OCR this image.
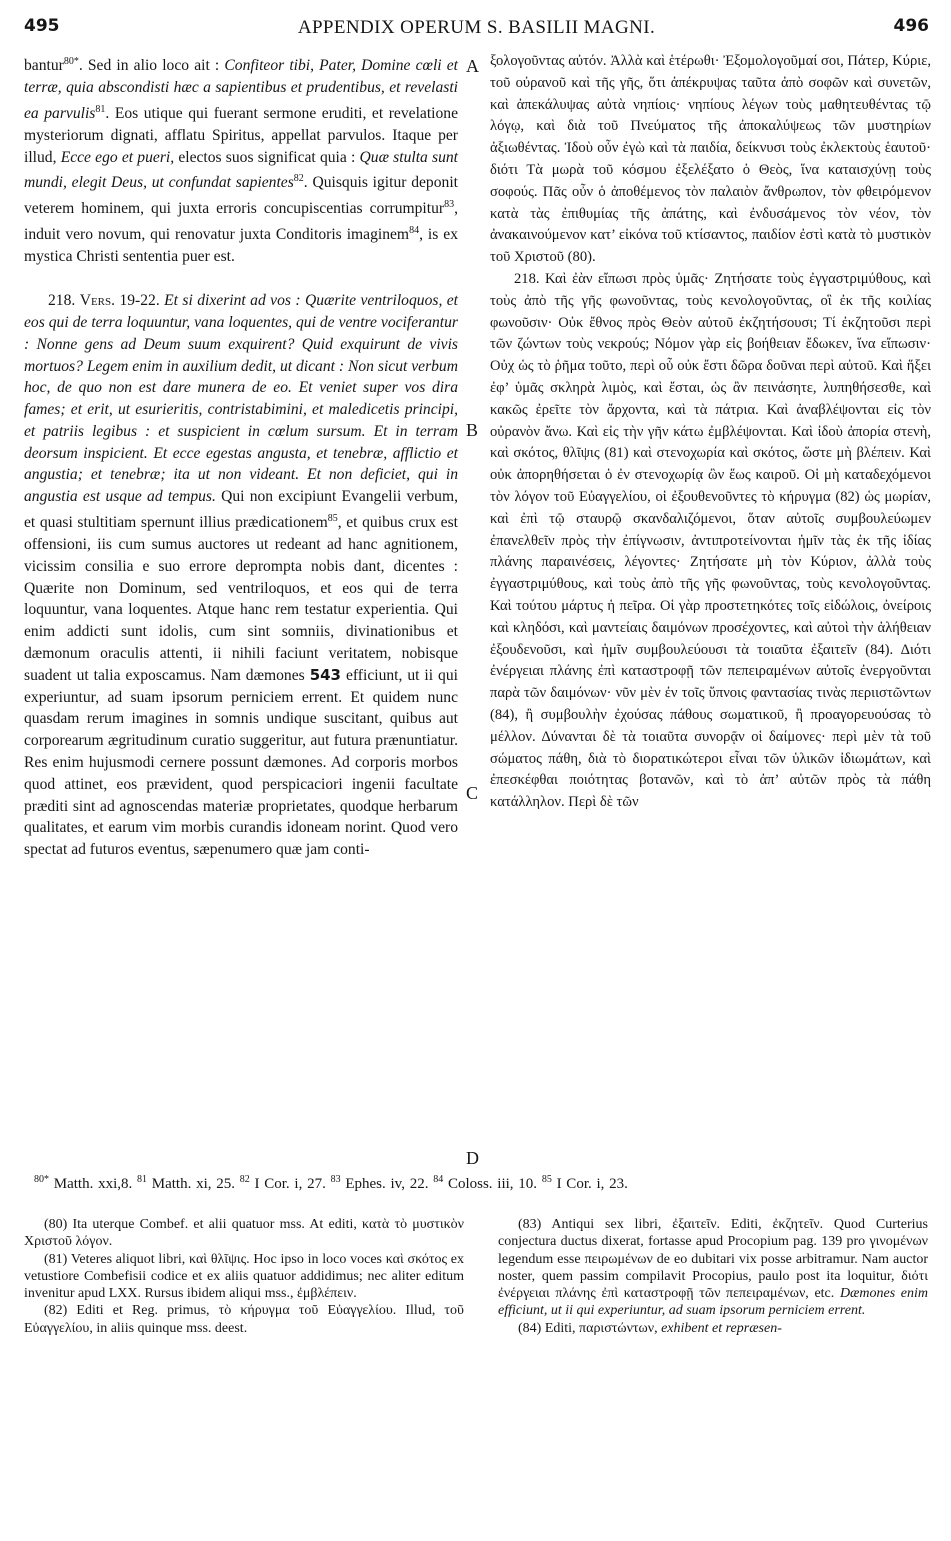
495	APPENDIX OPERUM S. BASILII MAGNI.	496

bantur$^{80*}$. Sed in alio loco ait : Confiteor tibi, Pater, Domine cœli et terræ, quia abscondisti hæc a sapientibus et prudentibus, et revelasti ea parvulis$^{81}$. Eos utique qui fuerant sermone eruditi, et revelatione mysteriorum dignati, afflatu Spiritus, appellat parvulos. Itaque per illud, Ecce ego et pueri, electos suos significat quia : Quæ stulta sunt mundi, elegit Deus, ut confundat sapientes$^{82}$. Quisquis igitur deponit veterem hominem, qui juxta erroris concupiscentias corrumpitur$^{83}$, induit vero novum, qui renovatur juxta Conditoris imaginem$^{84}$, is ex mystica Christi sententia puer est.

218. Vers. 19-22. Et si dixerint ad vos : Quærite ventriloquos, et eos qui de terra loquuntur, vana loquentes, qui de ventre vociferantur : Nonne gens ad Deum suum exquirent? Quid exquirunt de vivis mortuos? Legem enim in auxilium dedit, ut dicant : Non sicut verbum hoc, de quo non est dare munera de eo. Et veniet super vos dira fames; et erit, ut esurieritis, contristabimini, et maledicetis principi, et patriis legibus : et suspicient in cœlum sursum. Et in terram deorsum inspicient. Et ecce egestas angusta, et tenebræ, afflictio et angustia; et tenebræ; ita ut non videant. Et non deficiet, qui in angustia est usque ad tempus. Qui non excipiunt Evangelii verbum, et quasi stultitiam spernunt illius prædicationem$^{85}$, et quibus crux est offensioni, iis cum sumus auctores ut redeant ad hanc agnitionem, vicissim consilia e suo errore deprompta nobis dant, dicentes : Quærite non Dominum, sed ventriloquos, et eos qui de terra loquuntur, vana loquentes. Atque hanc rem testatur experientia. Qui enim addicti sunt idolis, cum sint somniis, divinationibus et dæmonum oraculis attenti, ii nihili faciunt veritatem, nobisque suadent ut talia exposcamus. Nam dæmones 543 efficiunt, ut ii qui experiuntur, ad suam ipsorum perniciem errent. Et quidem nunc quasdam rerum imagines in somnis undique suscitant, quibus aut corporearum ægritudinum curatio suggeritur, aut futura prænuntiatur. Res enim hujusmodi cernere possunt dæmones. Ad corporis morbos quod attinet, eos prævident, quod perspicaciori ingenii facultate præditi sint ad agnoscendas materiæ proprietates, quodque herbarum qualitates, et earum vim morbis curandis idoneam norint. Quod vero spectat ad futuros eventus, sæpenumero quæ jam conti-

ξολογοῦντας αὐτόν. Ἀλλὰ καὶ ἑτέρωθι· Ἐξομολογοῦμαί σοι, Πάτερ, Κύριε, τοῦ οὐρανοῦ καὶ τῆς γῆς, ὅτι ἀπέκρυψας ταῦτα ἀπὸ σοφῶν καὶ συνετῶν, καὶ ἀπεκάλυψας αὐτὰ νηπίοις· νηπίους λέγων τοὺς μαθητευθέντας τῷ λόγῳ, καὶ διὰ τοῦ Πνεύματος τῆς ἀποκαλύψεως τῶν μυστηρίων ἀξιωθέντας. Ἰδοὺ οὖν ἐγὼ καὶ τὰ παιδία, δείκνυσι τοὺς ἐκλεκτοὺς ἑαυτοῦ· διότι Τὰ μωρὰ τοῦ κόσμου ἐξελέξατο ὁ Θεὸς, ἵνα καταισχύνῃ τοὺς σοφούς. Πᾶς οὖν ὁ ἀποθέμενος τὸν παλαιὸν ἄνθρωπον, τὸν φθειρόμενον κατὰ τὰς ἐπιθυμίας τῆς ἀπάτης, καὶ ἐνδυσάμενος τὸν νέον, τὸν ἀνακαινούμενον κατ’ εἰκόνα τοῦ κτίσαντος, παιδίον ἐστὶ κατὰ τὸ μυστικὸν τοῦ Χριστοῦ (80).

218. Καὶ ἐὰν εἴπωσι πρὸς ὑμᾶς· Ζητήσατε τοὺς ἐγγαστριμύθους, καὶ τοὺς ἀπὸ τῆς γῆς φωνοῦντας, τοὺς κενολογοῦντας, οἳ ἐκ τῆς κοιλίας φωνοῦσιν· Οὐκ ἔθνος πρὸς Θεὸν αὐτοῦ ἐκζητήσουσι; Τί ἐκζητοῦσι περὶ τῶν ζώντων τοὺς νεκρούς; Νόμον γὰρ εἰς βοήθειαν ἔδωκεν, ἵνα εἴπωσιν· Οὐχ ὡς τὸ ῥῆμα τοῦτο, περὶ οὗ οὐκ ἔστι δῶρα δοῦναι περὶ αὐτοῦ. Καὶ ἥξει ἐφ’ ὑμᾶς σκληρὰ λιμὸς, καὶ ἔσται, ὡς ἂν πεινάσητε, λυπηθήσεσθε, καὶ κακῶς ἐρεῖτε τὸν ἄρχοντα, καὶ τὰ πάτρια. Καὶ ἀναβλέψονται εἰς τὸν οὐρανὸν ἄνω. Καὶ εἰς τὴν γῆν κάτω ἐμβλέψονται. Καὶ ἰδοὺ ἀπορία στενὴ, καὶ σκότος, θλῖψις (81) καὶ στενοχωρία καὶ σκότος, ὥστε μὴ βλέπειν. Καὶ οὐκ ἀπορηθήσεται ὁ ἐν στενοχωρίᾳ ὢν ἕως καιροῦ. Οἱ μὴ καταδεχόμενοι τὸν λόγον τοῦ Εὐαγγελίου, οἱ ἐξουθενοῦντες τὸ κήρυγμα (82) ὡς μωρίαν, καὶ ἐπὶ τῷ σταυρῷ σκανδαλιζόμενοι, ὅταν αὐτοῖς συμβουλεύωμεν ἐπανελθεῖν πρὸς τὴν ἐπίγνωσιν, ἀντιπροτείνονται ἡμῖν τὰς ἐκ τῆς ἰδίας πλάνης παραινέσεις, λέγοντες· Ζητήσατε μὴ τὸν Κύριον, ἀλλὰ τοὺς ἐγγαστριμύθους, καὶ τοὺς ἀπὸ τῆς γῆς φωνοῦντας, τοὺς κενολογοῦντας. Καὶ τούτου μάρτυς ἡ πεῖρα. Οἱ γὰρ προστετηκότες τοῖς εἰδώλοις, ὀνείροις καὶ κληδόσι, καὶ μαντείαις δαιμόνων προσέχοντες, καὶ αὐτοὶ τὴν ἀλήθειαν ἐξουδενοῦσι, καὶ ἡμῖν συμβουλεύουσι τὰ τοιαῦτα ἐξαιτεῖν (84). Διότι ἐνέργειαι πλάνης ἐπὶ καταστροφῇ τῶν πεπειραμένων αὐτοῖς ἐνεργοῦνται παρὰ τῶν δαιμόνων· νῦν μὲν ἐν τοῖς ὕπνοις φαντασίας τινὰς περιιστῶντων (84), ἢ συμβουλὴν ἐχούσας πάθους σωματικοῦ, ἢ προαγορευούσας τὸ μέλλον. Δύνανται δὲ τὰ τοιαῦτα συνορᾷν οἱ δαίμονες· περὶ μὲν τὰ τοῦ σώματος πάθη, διὰ τὸ διορατικώτεροι εἶναι τῶν ὑλικῶν ἰδιωμάτων, καὶ ἐπεσκέφθαι ποιότητας βοτανῶν, καὶ τὸ ἀπ’ αὐτῶν πρὸς τὰ πάθη κατάλληλον. Περὶ δὲ τῶν

A
B
C
D
$^{80*}$ Matth. xxi,8. $^{81}$ Matth. xi, 25. $^{82}$ I Cor. i, 27. $^{83}$ Ephes. iv, 22. $^{84}$ Coloss. iii, 10. $^{85}$ I Cor. i, 23.

(80) Ita uterque Combef. et alii quatuor mss. At editi, κατὰ τὸ μυστικὸν Χριστοῦ λόγον.

(81) Veteres aliquot libri, καὶ θλῖψις. Hoc ipso in loco voces καὶ σκότος ex vetustiore Combefisii codice et ex aliis quatuor addidimus; nec aliter editum invenitur apud LXX. Rursus ibidem aliqui mss., ἐμβλέπειν.

(82) Editi et Reg. primus, τὸ κήρυγμα τοῦ Εὐαγγελίου. Illud, τοῦ Εὐαγγελίου, in aliis quinque mss. deest.

(83) Antiqui sex libri, ἐξαιτεῖν. Editi, ἐκζητεῖν. Quod Curterius conjectura ductus dixerat, fortasse apud Procopium pag. 139 pro γινομένων legendum esse πειρωμένων de eo dubitari vix posse arbitramur. Nam auctor noster, quem passim compilavit Procopius, paulo post ita loquitur, διότι ἐνέργειαι πλάνης ἐπὶ καταστροφῇ τῶν πεπειραμένων, etc. Dæmones enim efficiunt, ut ii qui experiuntur, ad suam ipsorum perniciem errent.

(84) Editi, παριστώντων, exhibent et repræsen-
